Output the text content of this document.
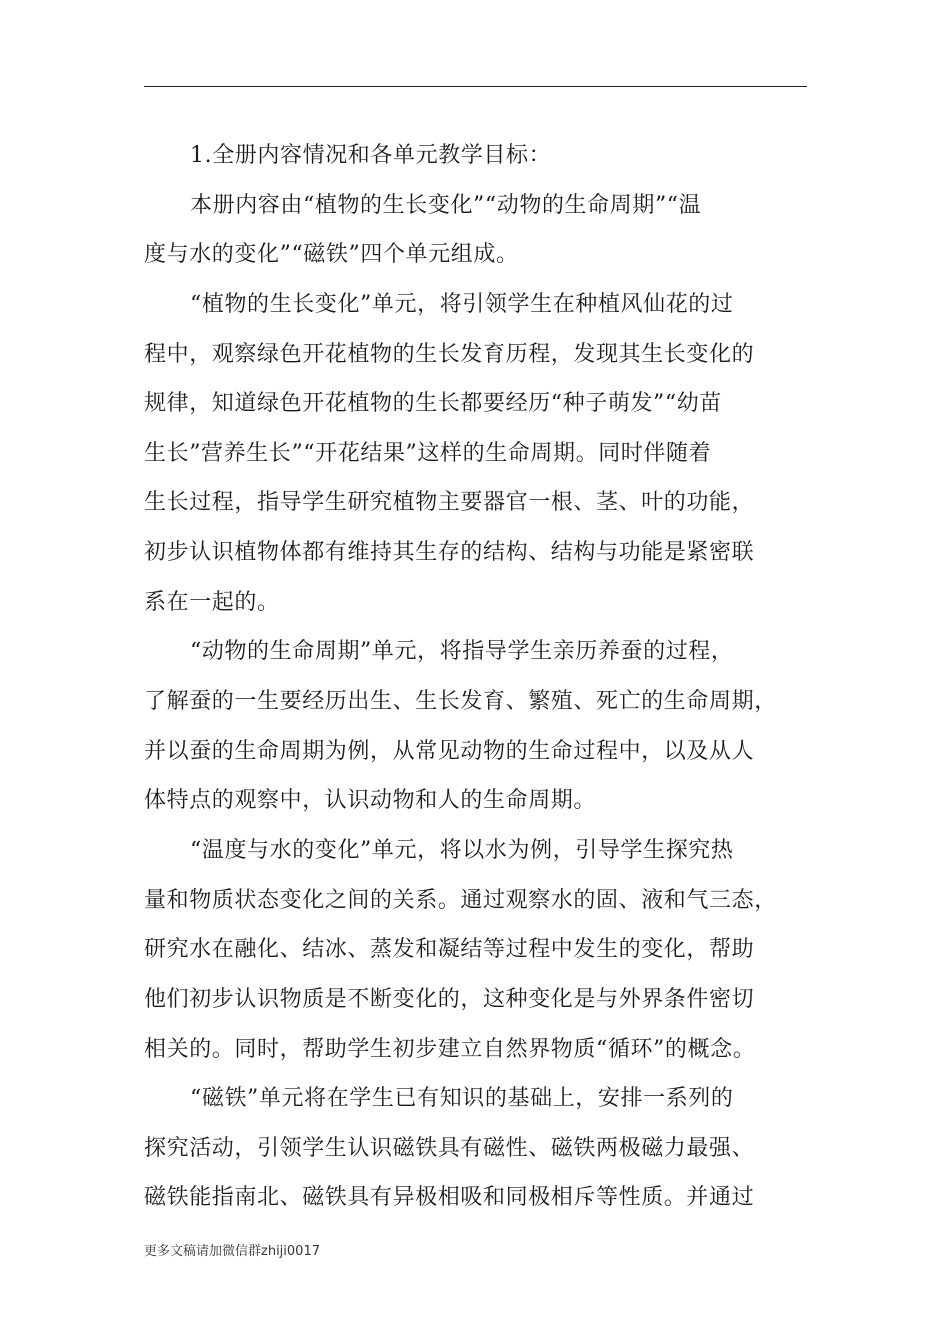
1.全册内容情况和各单元教学目标：
本册内容由“植物的生长变化”“动物的生命周期”“温
度与水的变化”“磁铁”四个单元组成。
“植物的生长变化”单元，将引领学生在种植风仙花的过
程中，观察绿色开花植物的生长发育历程，发现其生长变化的
规律，知道绿色开花植物的生长都要经历“种子萌发”“幼苗
生长”营养生长”“开花结果”这样的生命周期。同时伴随着
生长过程，指导学生研究植物主要器官一根、茎、叶的功能，
初步认识植物体都有维持其生存的结构、结构与功能是紧密联
系在一起的。
“动物的生命周期”单元，将指导学生亲历养蚕的过程，
了解蚕的一生要经历出生、生长发育、繁殖、死亡的生命周期，
并以蚕的生命周期为例，从常见动物的生命过程中，以及从人
体特点的观察中，认识动物和人的生命周期。
“温度与水的变化”单元，将以水为例，引导学生探究热
量和物质状态变化之间的关系。通过观察水的固、液和气三态，
研究水在融化、结冰、蒸发和凝结等过程中发生的变化，帮助
他们初步认识物质是不断变化的，这种变化是与外界条件密切
相关的。同时，帮助学生初步建立自然界物质“循环”的概念。
“磁铁”单元将在学生已有知识的基础上，安排一系列的
探究活动，引领学生认识磁铁具有磁性、磁铁两极磁力最强、
磁铁能指南北、磁铁具有异极相吸和同极相斥等性质。并通过
更多文稿请加微信群zhiji0017
